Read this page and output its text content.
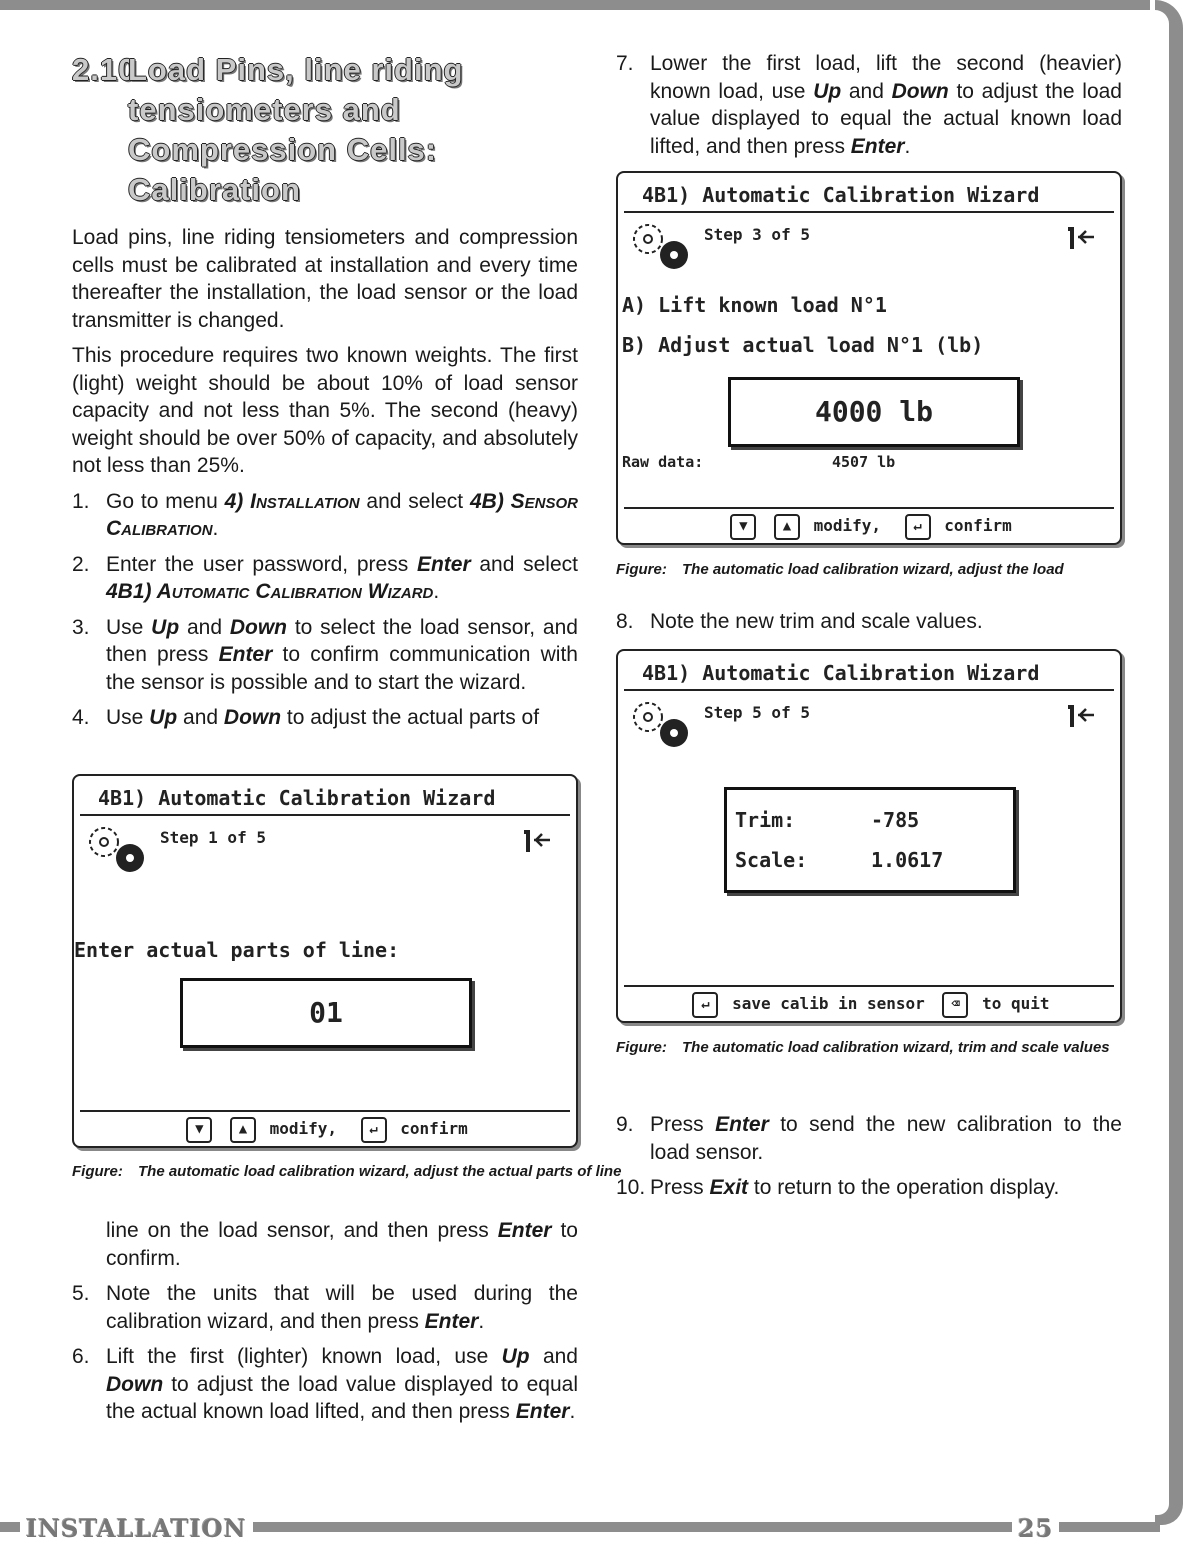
INSTALLATION	25
2.10
Load Pins, line riding tensiometers and Compression Cells: Calibration

Load pins, line riding tensiometers and compression cells must be calibrated at installation and every time thereafter the installation, the load sensor or the load transmitter is changed.

This procedure requires two known weights. The first (light) weight should be about 10% of load sensor capacity and not less than 5%. The second (heavy) weight should be over 50% of capacity, and absolutely not less than 25%.

1. Go to menu 4) Installation and select 4B) Sensor Calibration.
2. Enter the user password, press Enter and select 4B1) Automatic Calibration Wizard.
3. Use Up and Down to select the load sensor, and then press Enter to confirm communication with the sensor is possible and to start the wizard.
4. Use Up and Down to adjust the actual parts of
4B1) Automatic Calibration Wizard
Step 1 of 5
Enter actual parts of line:
01
▼	▲ modify, ↵ confirm
Figure: The automatic load calibration wizard, adjust the actual parts of line
line on the load sensor, and then press Enter to confirm.
5. Note the units that will be used during the calibration wizard, and then press Enter.
6. Lift the first (lighter) known load, use Up and Down to adjust the load value displayed to equal the actual known load lifted, and then press Enter.
7. Lower the first load, lift the second (heavier) known load, use Up and Down to adjust the load value displayed to equal the actual known load lifted, and then press Enter.
4B1) Automatic Calibration Wizard
Step 3 of 5
A) Lift known load N°1
B) Adjust actual load N°1 (lb)
4000 lb
Raw data:	4507 lb
▼	▲ modify, ↵ confirm
Figure: The automatic load calibration wizard, adjust the load
8. Note the new trim and scale values.
4B1) Automatic Calibration Wizard
Step 5 of 5
Trim:	-785
Scale:	1.0617
↵ save calib in sensor ⌫ to quit
Figure: The automatic load calibration wizard, trim and scale values
9. Press Enter to send the new calibration to the load sensor.
10. Press Exit to return to the operation display.
